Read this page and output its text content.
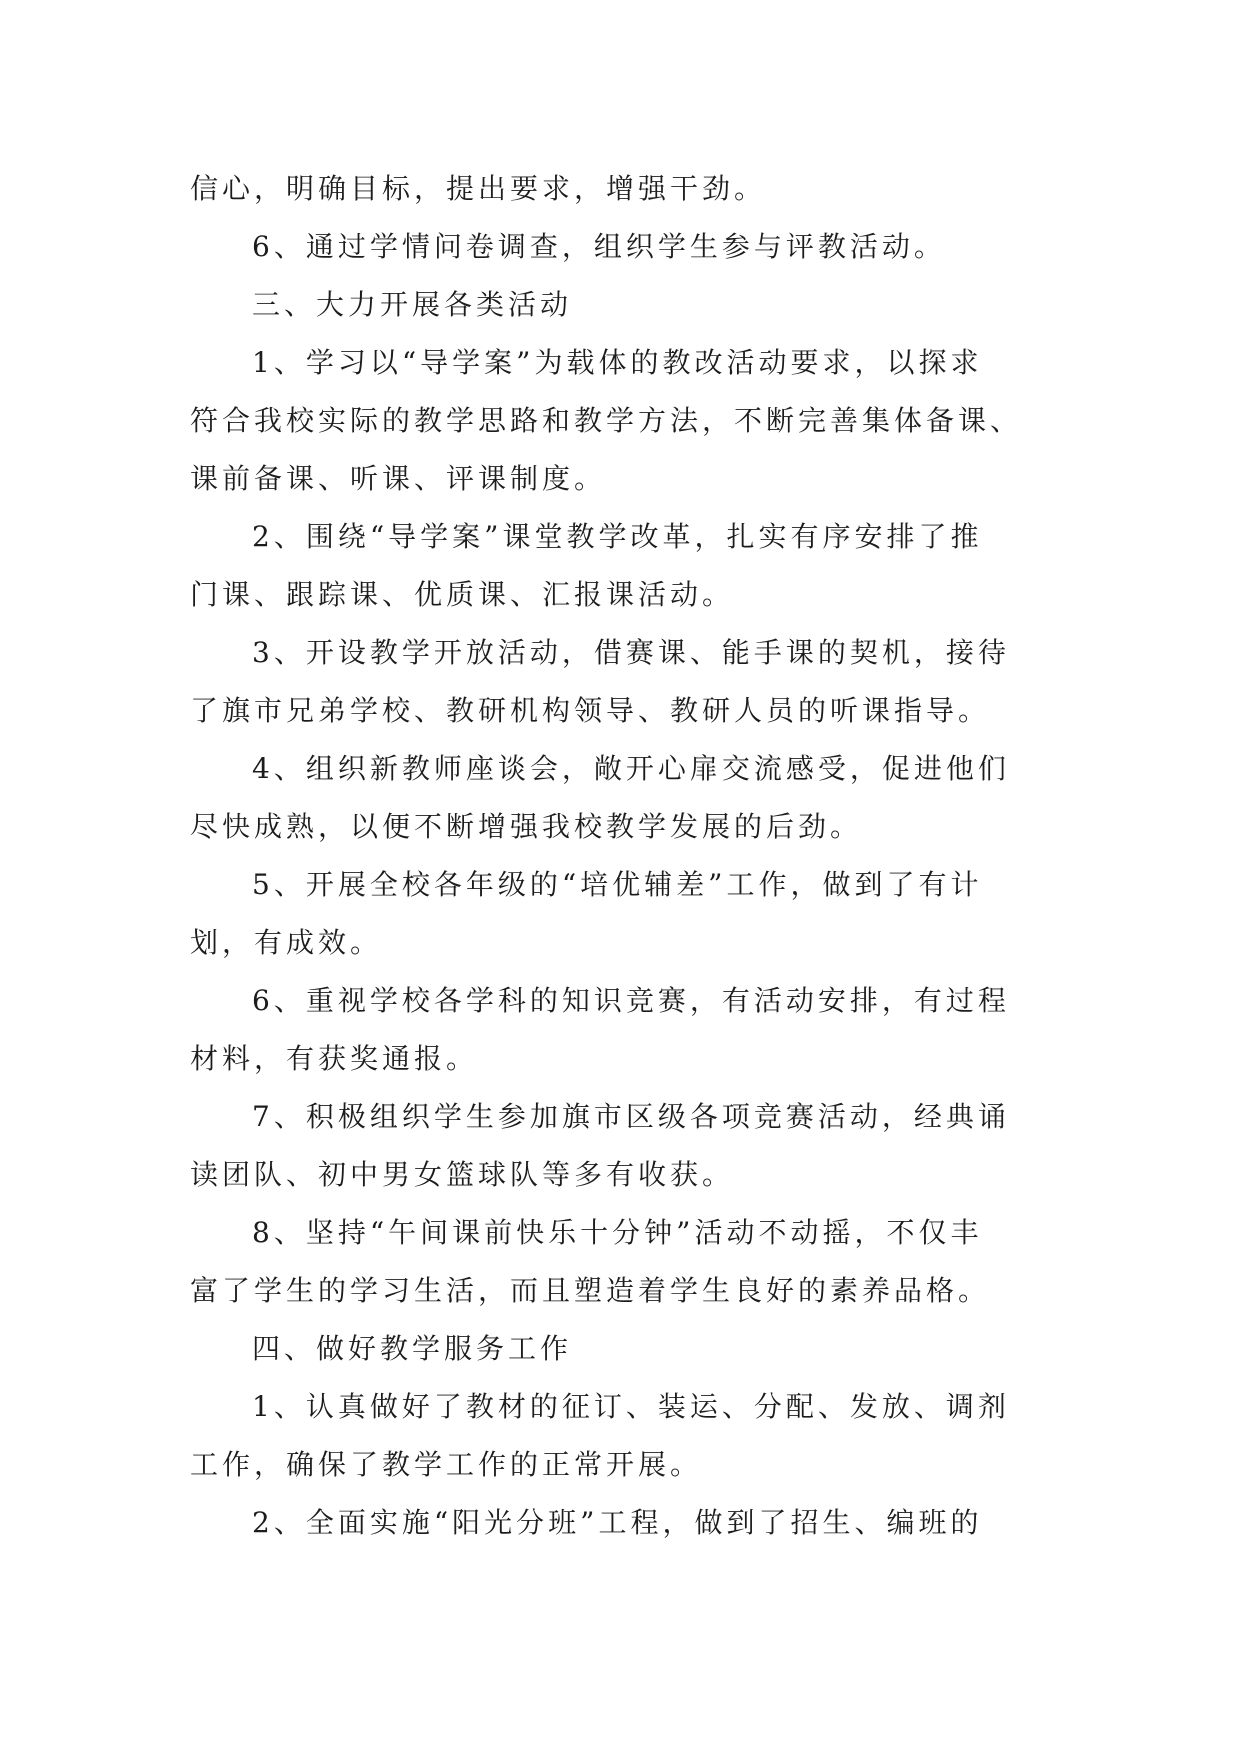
信心，明确目标，提出要求，增强干劲。
6、通过学情问卷调查，组织学生参与评教活动。
三、大力开展各类活动
1、学习以“导学案”为载体的教改活动要求，以探求
符合我校实际的教学思路和教学方法，不断完善集体备课、
课前备课、听课、评课制度。
2、围绕“导学案”课堂教学改革，扎实有序安排了推
门课、跟踪课、优质课、汇报课活动。
3、开设教学开放活动，借赛课、能手课的契机，接待
了旗市兄弟学校、教研机构领导、教研人员的听课指导。
4、组织新教师座谈会，敞开心扉交流感受，促进他们
尽快成熟，以便不断增强我校教学发展的后劲。
5、开展全校各年级的“培优辅差”工作，做到了有计
划，有成效。
6、重视学校各学科的知识竞赛，有活动安排，有过程
材料，有获奖通报。
7、积极组织学生参加旗市区级各项竞赛活动，经典诵
读团队、初中男女篮球队等多有收获。
8、坚持“午间课前快乐十分钟”活动不动摇，不仅丰
富了学生的学习生活，而且塑造着学生良好的素养品格。
四、做好教学服务工作
1、认真做好了教材的征订、装运、分配、发放、调剂
工作，确保了教学工作的正常开展。
2、全面实施“阳光分班”工程，做到了招生、编班的
